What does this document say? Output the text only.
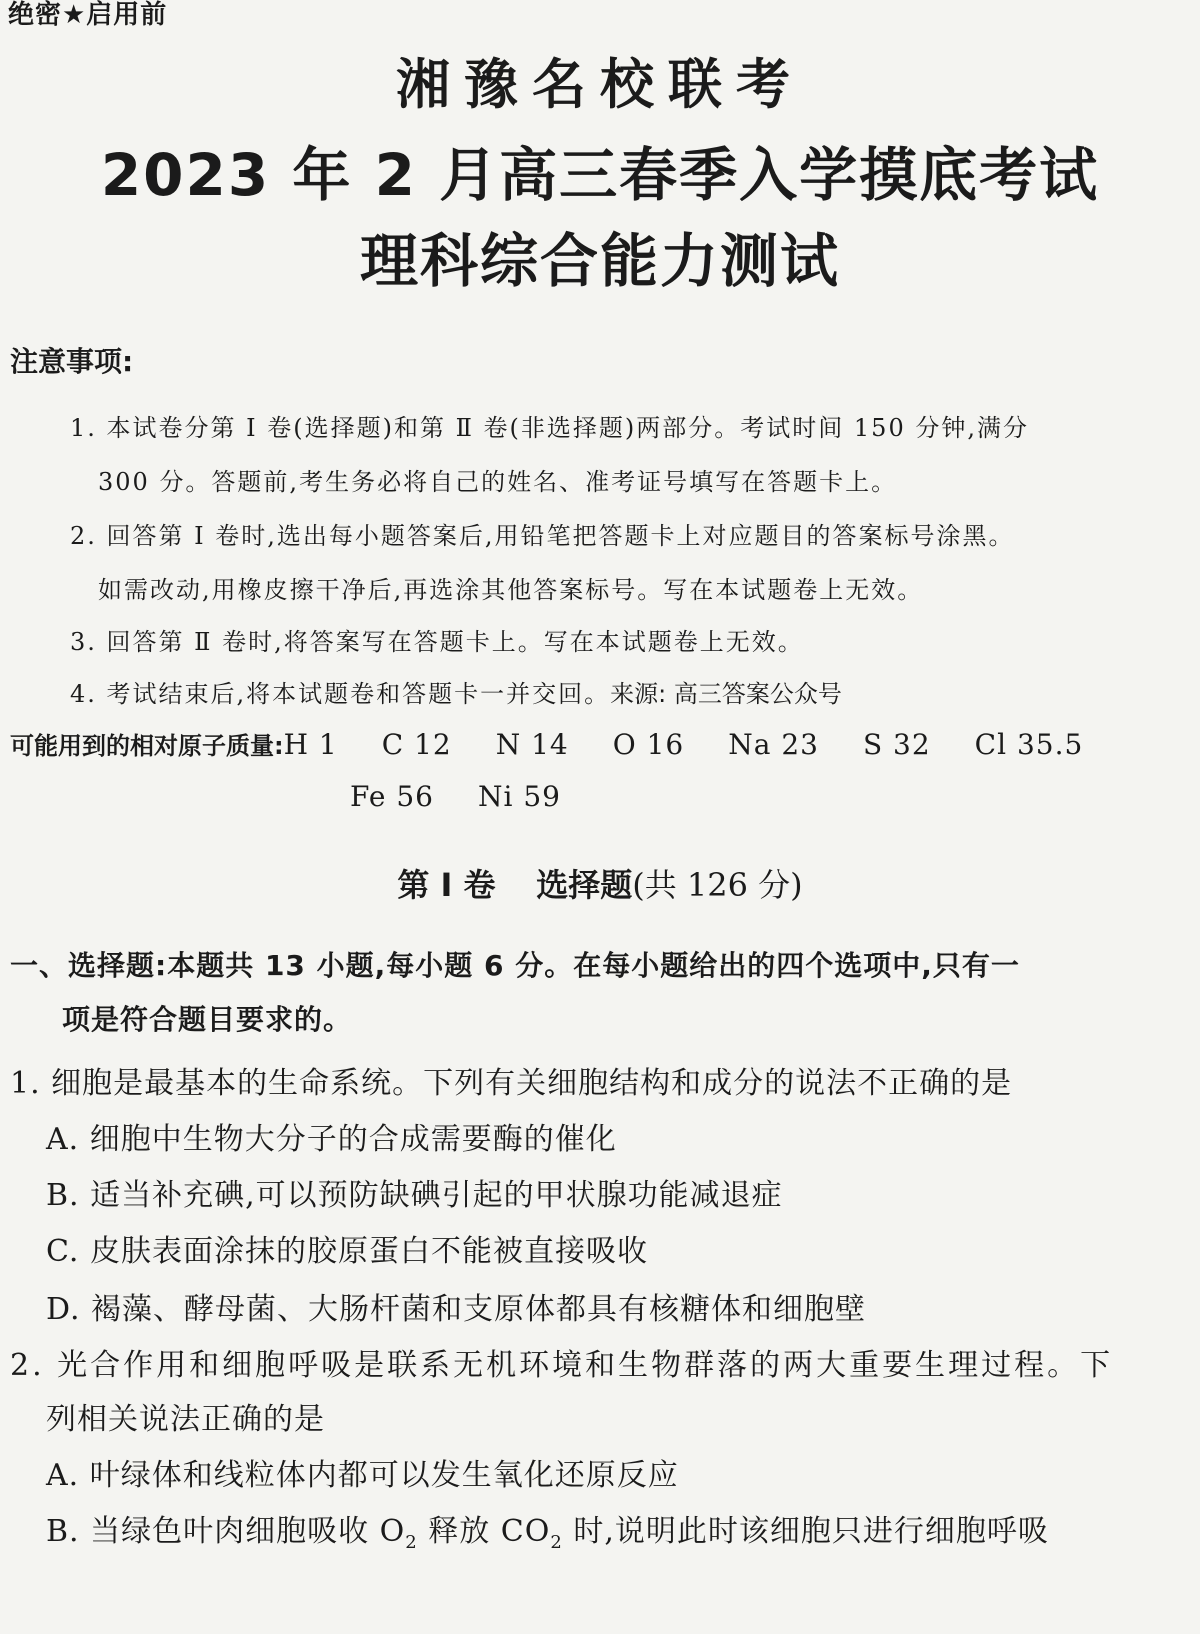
绝密★启用前
湘豫名校联考
2023 年 2 月高三春季入学摸底考试
理科综合能力测试
注意事项:
1. 本试卷分第 Ⅰ 卷(选择题)和第 Ⅱ 卷(非选择题)两部分。考试时间 150 分钟,满分
300 分。答题前,考生务必将自己的姓名、准考证号填写在答题卡上。
2. 回答第 Ⅰ 卷时,选出每小题答案后,用铅笔把答题卡上对应题目的答案标号涂黑。
如需改动,用橡皮擦干净后,再选涂其他答案标号。写在本试题卷上无效。
3. 回答第 Ⅱ 卷时,将答案写在答题卡上。写在本试题卷上无效。
4. 考试结束后,将本试题卷和答题卡一并交回。来源: 高三答案公众号
可能用到的相对原子质量:H 1 C 12 N 14 O 16 Na 23 S 32 Cl 35.5
Fe 56 Ni 59
第 Ⅰ 卷 选择题(共 126 分)
一、选择题:本题共 13 小题,每小题 6 分。在每小题给出的四个选项中,只有一
项是符合题目要求的。
1. 细胞是最基本的生命系统。下列有关细胞结构和成分的说法不正确的是
A. 细胞中生物大分子的合成需要酶的催化
B. 适当补充碘,可以预防缺碘引起的甲状腺功能减退症
C. 皮肤表面涂抹的胶原蛋白不能被直接吸收
D. 褐藻、酵母菌、大肠杆菌和支原体都具有核糖体和细胞壁
2. 光合作用和细胞呼吸是联系无机环境和生物群落的两大重要生理过程。下
列相关说法正确的是
A. 叶绿体和线粒体内都可以发生氧化还原反应
B. 当绿色叶肉细胞吸收 $O_2$ 释放 $CO_2$ 时,说明此时该细胞只进行细胞呼吸
